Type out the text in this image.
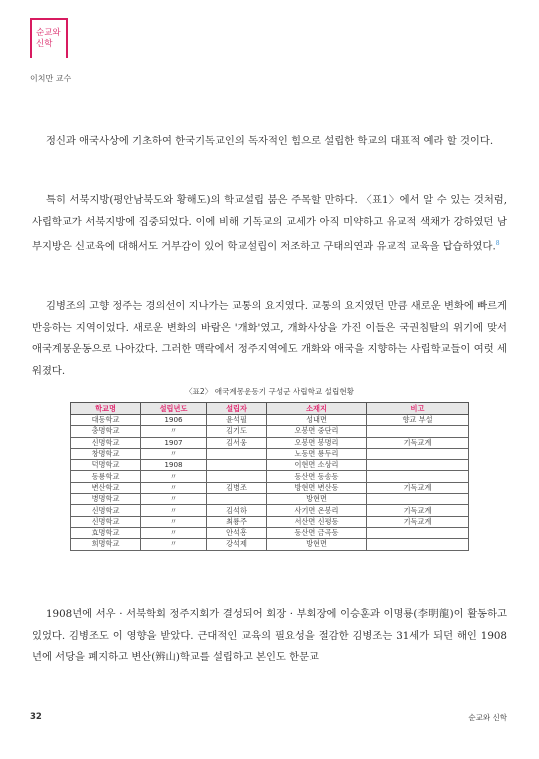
순교와 신학
이치만 교수

정신과 애국사상에 기초하여 한국기독교인의 독자적인 힘으로 설립한 학교의 대표적 예라 할 것이다.

특히 서북지방(평안남북도와 황해도)의 학교설립 붐은 주목할 만하다. 〈표1〉에서 알 수 있는 것처럼, 사립학교가 서북지방에 집중되었다. 이에 비해 기독교의 교세가 아직 미약하고 유교적 색채가 강하였던 남부지방은 신교육에 대해서도 거부감이 있어 학교설립이 저조하고 구태의연과 유교적 교육을 답습하였다.$^8$

김병조의 고향 정주는 경의선이 지나가는 교통의 요지였다. 교통의 요지였던 만큼 새로운 변화에 빠르게 반응하는 지역이었다. 새로운 변화의 바람은 '개화'였고, 개화사상을 가진 이들은 국권침탈의 위기에 맞서 애국계몽운동으로 나아갔다. 그러한 맥락에서 정주지역에도 개화와 애국을 지향하는 사립학교들이 여럿 세워졌다.

〈표2〉 애국계몽운동기 구성군 사립학교 설립현황
학교명	설립년도	설립자	소재지	비고
대동학교	1906	윤석필	성내면	향교 부설
충명학교	〃	김기도	오봉면 중단리	
신명학교	1907	김서웅	오봉면 봉명리	기독교계
창명학교	〃		노동면 룡두리	
덕명학교	1908		이현면 소상리	
동룡학교	〃		동산면 동송동	
변산학교	〃	김병조	방현면 변산동	기독교계
병명학교	〃		방현면	
신명학교	〃	김석하	사기면 온봉리	기독교계
신명학교	〃	최룡주	서산면 신평동	기독교계
효명학교	〃	안석흥	동산면 금곡동	
희명학교	〃	강석제	방현면	

1908년에 서우 · 서북학회 정주지회가 결성되어 회장 · 부회장에 이승훈과 이명룡(李明龍)이 활동하고 있었다. 김병조도 이 영향을 받았다. 근대적인 교육의 필요성을 절감한 김병조는 31세가 되던 해인 1908년에 서당을 폐지하고 변산(辨山)학교를 설립하고 본인도 한문교

32	순교와 신학
